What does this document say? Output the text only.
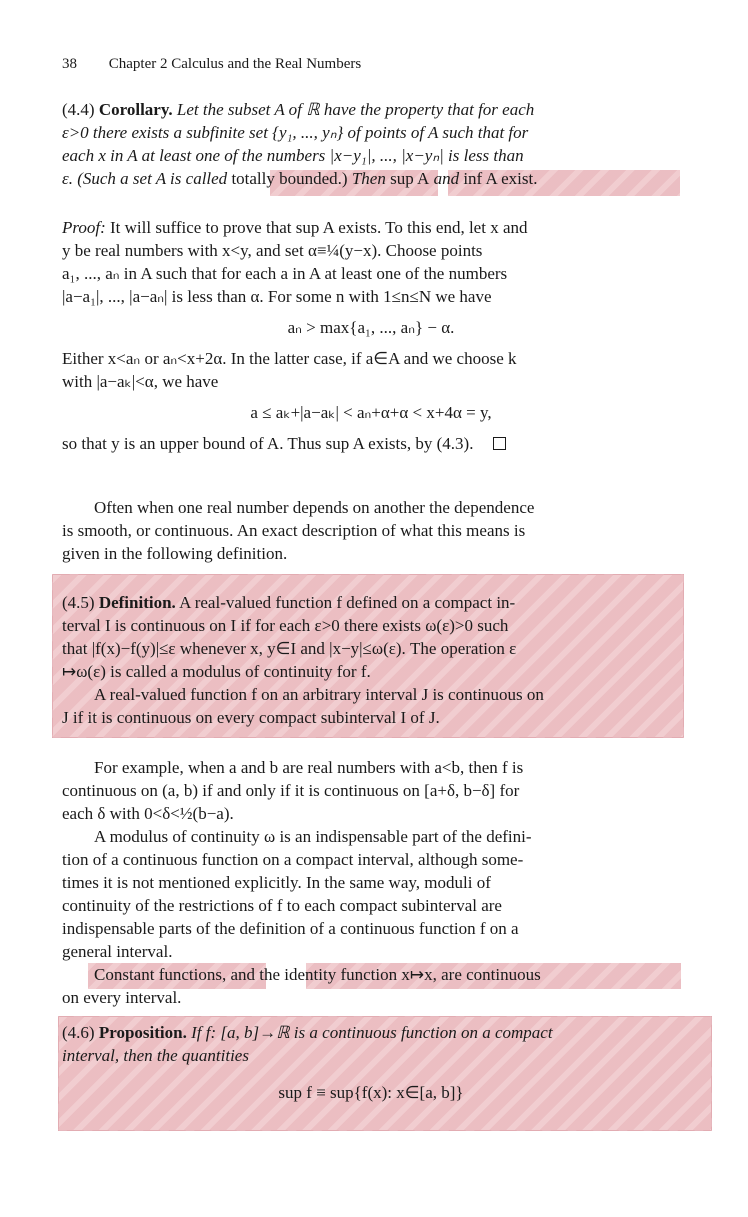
38 Chapter 2 Calculus and the Real Numbers

(4.4) Corollary. Let the subset A of ℝ have the property that for each

ε>0 there exists a subfinite set {y₁, ..., yₙ} of points of A such that for

each x in A at least one of the numbers |x−y₁|, ..., |x−yₙ| is less than

ε. (Such a set A is called totally bounded.) Then sup A and inf A exist.

Proof: It will suffice to prove that sup A exists. To this end, let x and

y be real numbers with x<y, and set α≡¼(y−x). Choose points

a₁, ..., aₙ in A such that for each a in A at least one of the numbers

|a−a₁|, ..., |a−aₙ| is less than α. For some n with 1≤n≤N we have

aₙ > max{a₁, ..., aₙ} − α.

Either x<aₙ or aₙ<x+2α. In the latter case, if a∈A and we choose k

with |a−aₖ|<α, we have

a ≤ aₖ+|a−aₖ| < aₙ+α+α < x+4α = y,

so that y is an upper bound of A. Thus sup A exists, by (4.3).

Often when one real number depends on another the dependence

is smooth, or continuous. An exact description of what this means is

given in the following definition.

(4.5) Definition. A real-valued function f defined on a compact in-

terval I is continuous on I if for each ε>0 there exists ω(ε)>0 such

that |f(x)−f(y)|≤ε whenever x, y∈I and |x−y|≤ω(ε). The operation ε

↦ω(ε) is called a modulus of continuity for f.

A real-valued function f on an arbitrary interval J is continuous on

J if it is continuous on every compact subinterval I of J.

For example, when a and b are real numbers with a<b, then f is

continuous on (a, b) if and only if it is continuous on [a+δ, b−δ] for

each δ with 0<δ<½(b−a).

A modulus of continuity ω is an indispensable part of the defini-

tion of a continuous function on a compact interval, although some-

times it is not mentioned explicitly. In the same way, moduli of

continuity of the restrictions of f to each compact subinterval are

indispensable parts of the definition of a continuous function f on a

general interval.

Constant functions, and the identity function x↦x, are continuous

on every interval.

(4.6) Proposition. If f: [a, b]→ℝ is a continuous function on a compact

interval, then the quantities

sup f ≡ sup{f(x): x∈[a, b]}
